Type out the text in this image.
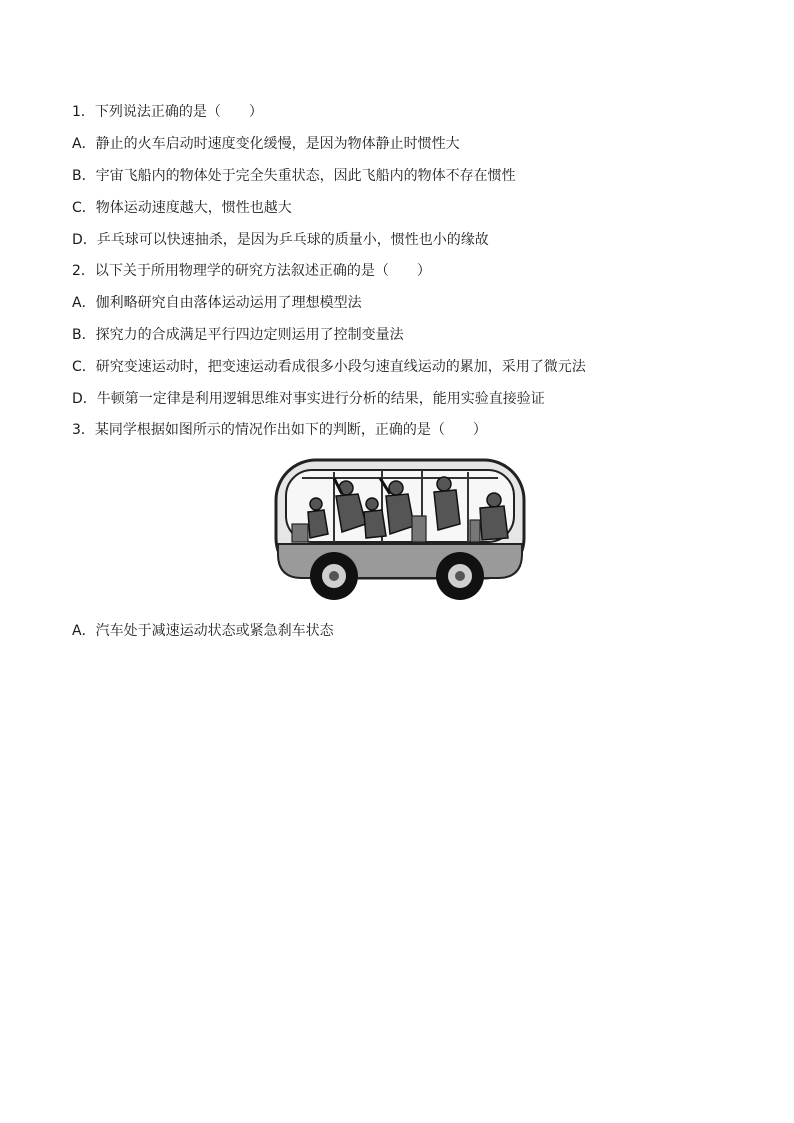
1．下列说法正确的是（　　）
A．静止的火车启动时速度变化缓慢，是因为物体静止时惯性大
B．宇宙飞船内的物体处于完全失重状态，因此飞船内的物体不存在惯性
C．物体运动速度越大，惯性也越大
D．乒乓球可以快速抽杀，是因为乒乓球的质量小，惯性也小的缘故
2．以下关于所用物理学的研究方法叙述正确的是（　　）
A．伽利略研究自由落体运动运用了理想模型法
B．探究力的合成满足平行四边定则运用了控制变量法
C．研究变速运动时，把变速运动看成很多小段匀速直线运动的累加，采用了微元法
D．牛顿第一定律是利用逻辑思维对事实进行分析的结果，能用实验直接验证
3．某同学根据如图所示的情况作出如下的判断，正确的是（　　）
A．汽车处于减速运动状态或紧急刹车状态
